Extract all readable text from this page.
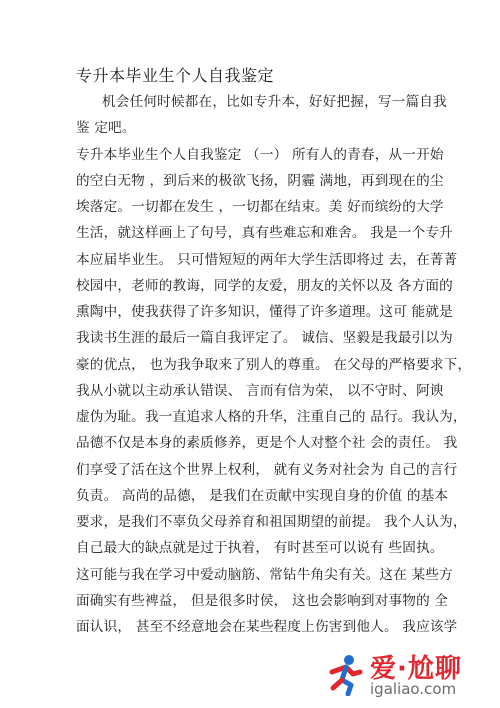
专升本毕业生个人自我鉴定
机会任何时候都在，比如专升本，好好把握，写一篇自我
鉴 定吧。
专升本毕业生个人自我鉴定 （一） 所有人的青春，从一开始
的空白无物 ，到后来的极欲飞扬，阴霾 满地，再到现在的尘
埃落定。一切都在发生 ，一切都在结束。美 好而缤纷的大学
生活，就这样画上了句号，真有些难忘和难舍。 我是一个专升
本应届毕业生。 只可惜短短的两年大学生活即将过 去，在菁菁
校园中，老师的教诲，同学的友爱，朋友的关怀以及 各方面的
熏陶中，使我获得了许多知识，懂得了许多道理。这可 能就是
我读书生涯的最后一篇自我评定了。 诚信、坚毅是我最引以为
豪的优点， 也为我争取来了别人的尊重。 在父母的严格要求下，
我从小就以主动承认错误、 言而有信为荣， 以不守时、阿谀
虚伪为耻。我一直追求人格的升华，注重自己的 品行。我认为，
品德不仅是本身的素质修养，更是个人对整个社 会的责任。 我
们享受了活在这个世界上权利， 就有义务对社会为 自己的言行
负责。 高尚的品德， 是我们在贡献中实现自身的价值 的基本
要求，是我们不辜负父母养育和祖国期望的前提。 我个人认为，
自己最大的缺点就是过于执着， 有时甚至可以说有 些固执。
这可能与我在学习中爱动脑筋、常钻牛角尖有关。这在 某些方
面确实有些裨益， 但是很多时侯， 这也会影响到对事物的 全
面认识， 甚至不经意地会在某些程度上伤害到他人。 我应该学
爱·尬聊
igaliao.com
